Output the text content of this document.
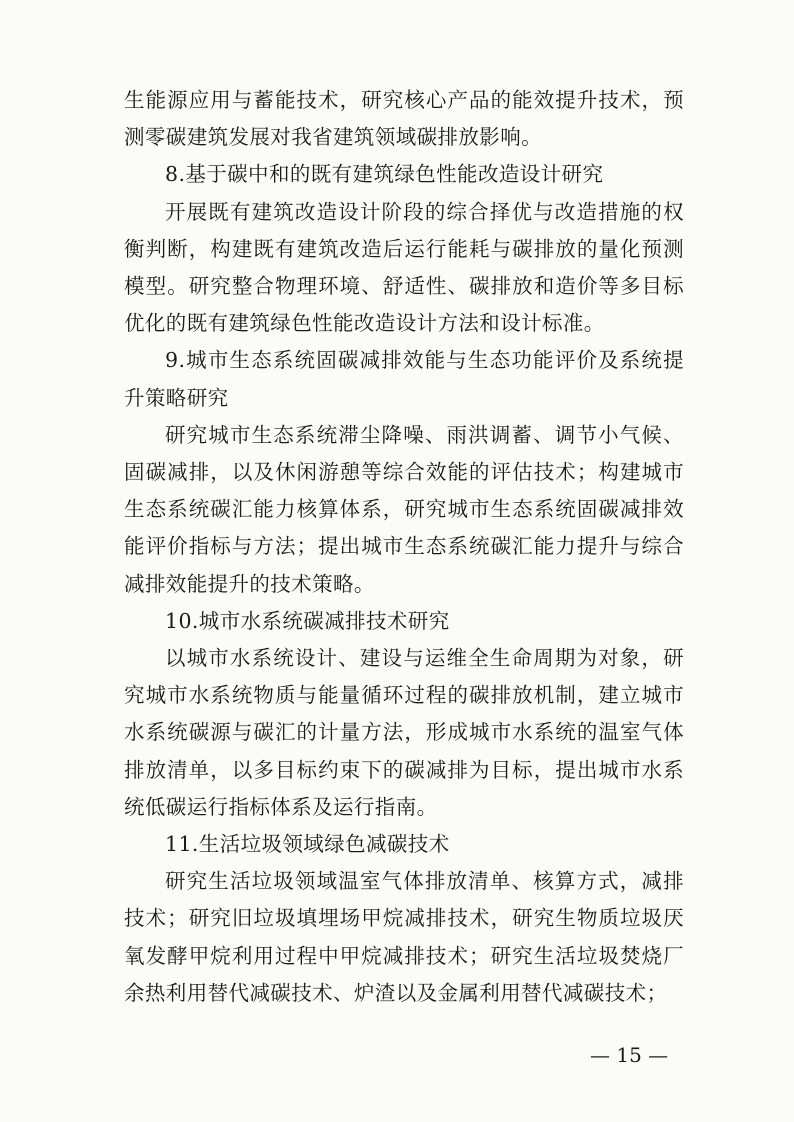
生能源应用与蓄能技术，研究核心产品的能效提升技术，预测零碳建筑发展对我省建筑领域碳排放影响。

8.基于碳中和的既有建筑绿色性能改造设计研究

开展既有建筑改造设计阶段的综合择优与改造措施的权衡判断，构建既有建筑改造后运行能耗与碳排放的量化预测模型。研究整合物理环境、舒适性、碳排放和造价等多目标优化的既有建筑绿色性能改造设计方法和设计标准。

9.城市生态系统固碳减排效能与生态功能评价及系统提升策略研究

研究城市生态系统滞尘降噪、雨洪调蓄、调节小气候、固碳减排，以及休闲游憩等综合效能的评估技术；构建城市生态系统碳汇能力核算体系，研究城市生态系统固碳减排效能评价指标与方法；提出城市生态系统碳汇能力提升与综合减排效能提升的技术策略。

10.城市水系统碳减排技术研究

以城市水系统设计、建设与运维全生命周期为对象，研究城市水系统物质与能量循环过程的碳排放机制，建立城市水系统碳源与碳汇的计量方法，形成城市水系统的温室气体排放清单，以多目标约束下的碳减排为目标，提出城市水系统低碳运行指标体系及运行指南。

11.生活垃圾领域绿色减碳技术

研究生活垃圾领域温室气体排放清单、核算方式，减排技术；研究旧垃圾填埋场甲烷减排技术，研究生物质垃圾厌氧发酵甲烷利用过程中甲烷减排技术；研究生活垃圾焚烧厂余热利用替代减碳技术、炉渣以及金属利用替代减碳技术；

— 15 —
